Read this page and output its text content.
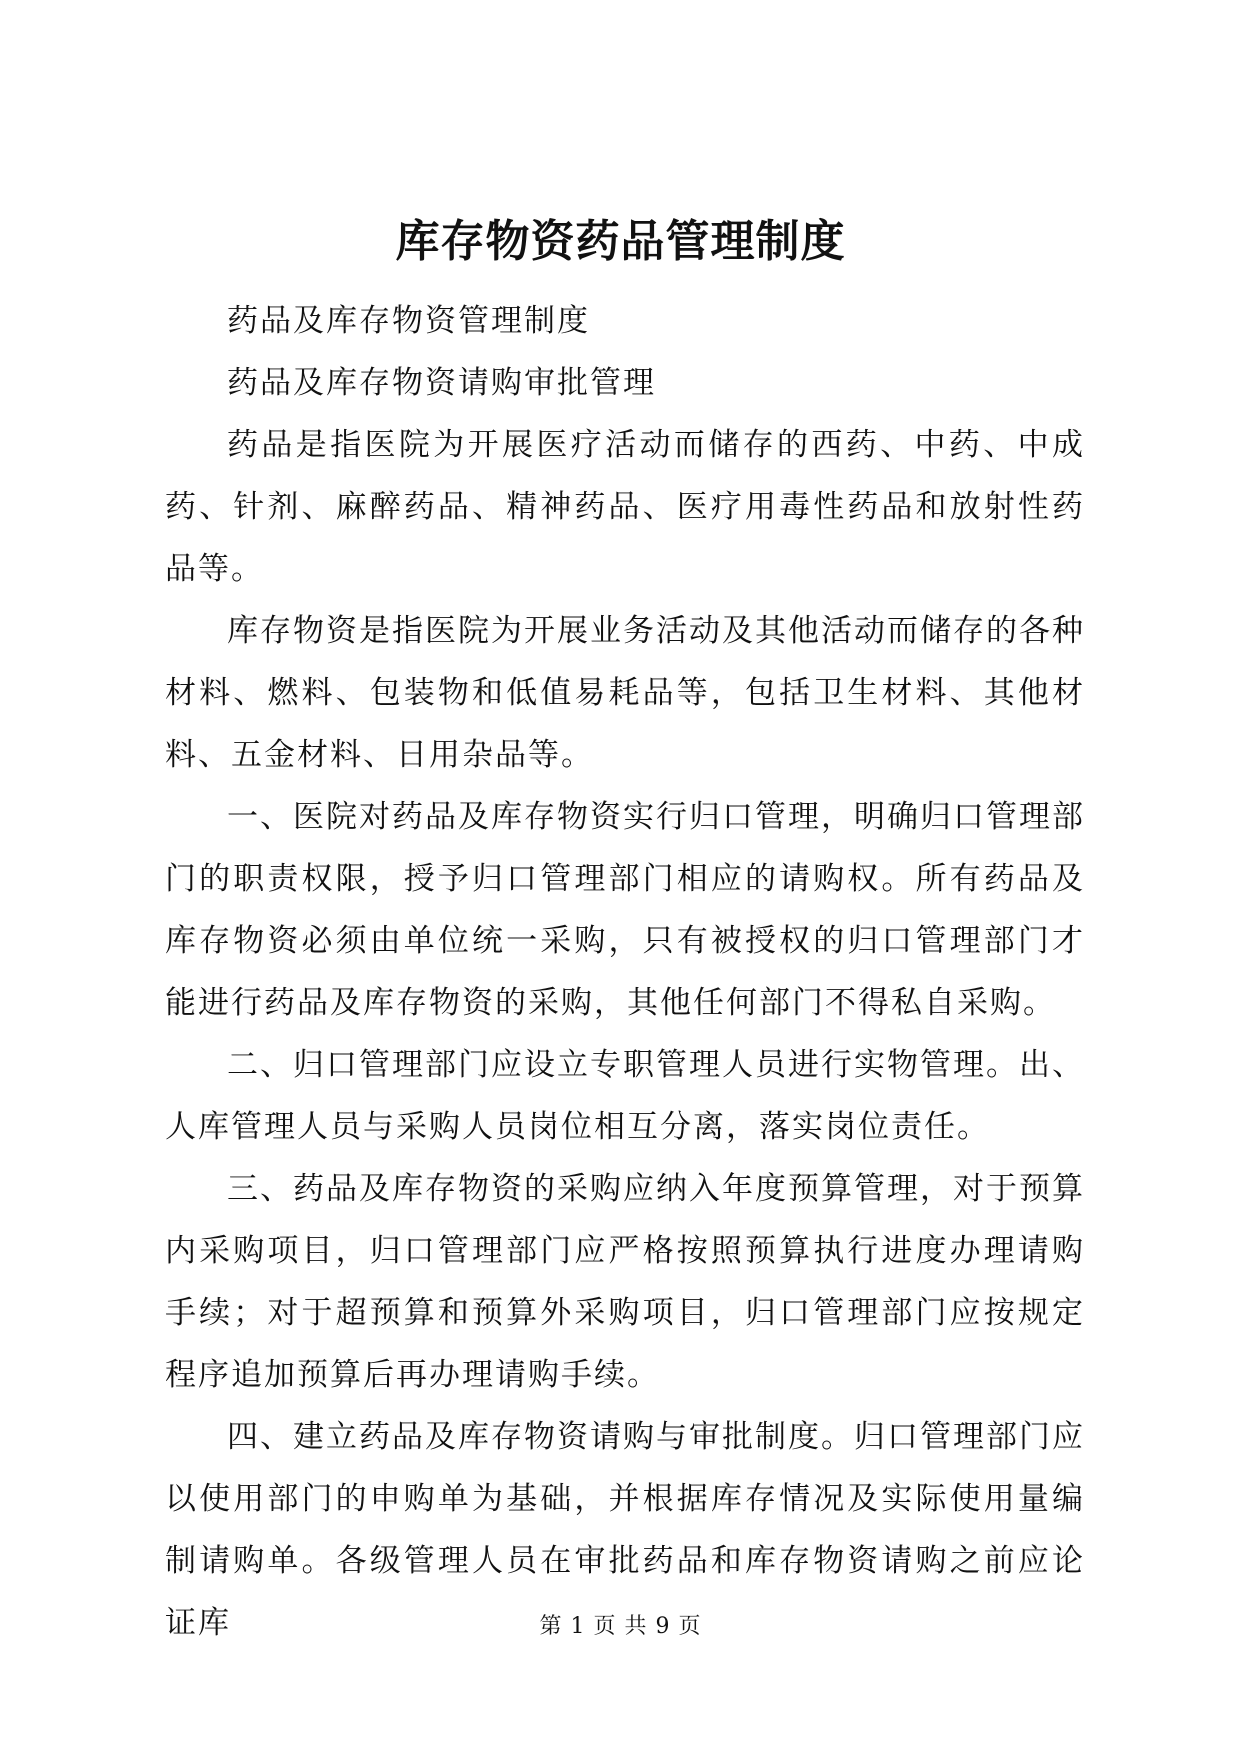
库存物资药品管理制度

药品及库存物资管理制度

药品及库存物资请购审批管理

药品是指医院为开展医疗活动而储存的西药、中药、中成药、针剂、麻醉药品、精神药品、医疗用毒性药品和放射性药品等。

库存物资是指医院为开展业务活动及其他活动而储存的各种材料、燃料、包装物和低值易耗品等，包括卫生材料、其他材料、五金材料、日用杂品等。

一、医院对药品及库存物资实行归口管理，明确归口管理部门的职责权限，授予归口管理部门相应的请购权。所有药品及库存物资必须由单位统一采购，只有被授权的归口管理部门才能进行药品及库存物资的采购，其他任何部门不得私自采购。

二、归口管理部门应设立专职管理人员进行实物管理。出、人库管理人员与采购人员岗位相互分离，落实岗位责任。

三、药品及库存物资的采购应纳入年度预算管理，对于预算内采购项目，归口管理部门应严格按照预算执行进度办理请购手续；对于超预算和预算外采购项目，归口管理部门应按规定程序追加预算后再办理请购手续。

四、建立药品及库存物资请购与审批制度。归口管理部门应以使用部门的申购单为基础，并根据库存情况及实际使用量编制请购单。各级管理人员在审批药品和库存物资请购之前应论证库	第 1 页 共 9 页
